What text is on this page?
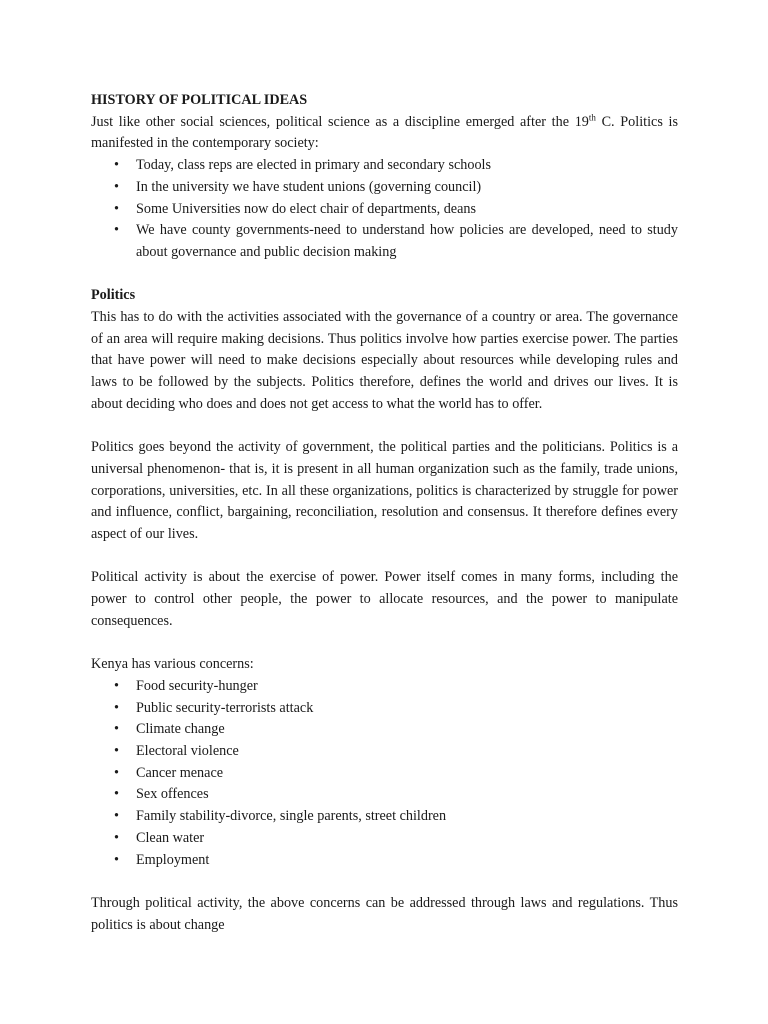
HISTORY OF POLITICAL IDEAS

Just like other social sciences, political science as a discipline emerged after the 19th C. Politics is manifested in the contemporary society:

• Today, class reps are elected in primary and secondary schools
• In the university we have student unions (governing council)
• Some Universities now do elect chair of departments, deans
• We have county governments-need to understand how policies are developed, need to study about governance and public decision making

Politics

This has to do with the activities associated with the governance of a country or area. The governance of an area will require making decisions. Thus politics involve how parties exercise power. The parties that have power will need to make decisions especially about resources while developing rules and laws to be followed by the subjects. Politics therefore, defines the world and drives our lives. It is about deciding who does and does not get access to what the world has to offer.

Politics goes beyond the activity of government, the political parties and the politicians. Politics is a universal phenomenon- that is, it is present in all human organization such as the family, trade unions, corporations, universities, etc. In all these organizations, politics is characterized by struggle for power and influence, conflict, bargaining, reconciliation, resolution and consensus. It therefore defines every aspect of our lives.

Political activity is about the exercise of power. Power itself comes in many forms, including the power to control other people, the power to allocate resources, and the power to manipulate consequences.

Kenya has various concerns:

• Food security-hunger
• Public security-terrorists attack
• Climate change
• Electoral violence
• Cancer menace
• Sex offences
• Family stability-divorce, single parents, street children
• Clean water
• Employment

Through political activity, the above concerns can be addressed through laws and regulations. Thus politics is about change
